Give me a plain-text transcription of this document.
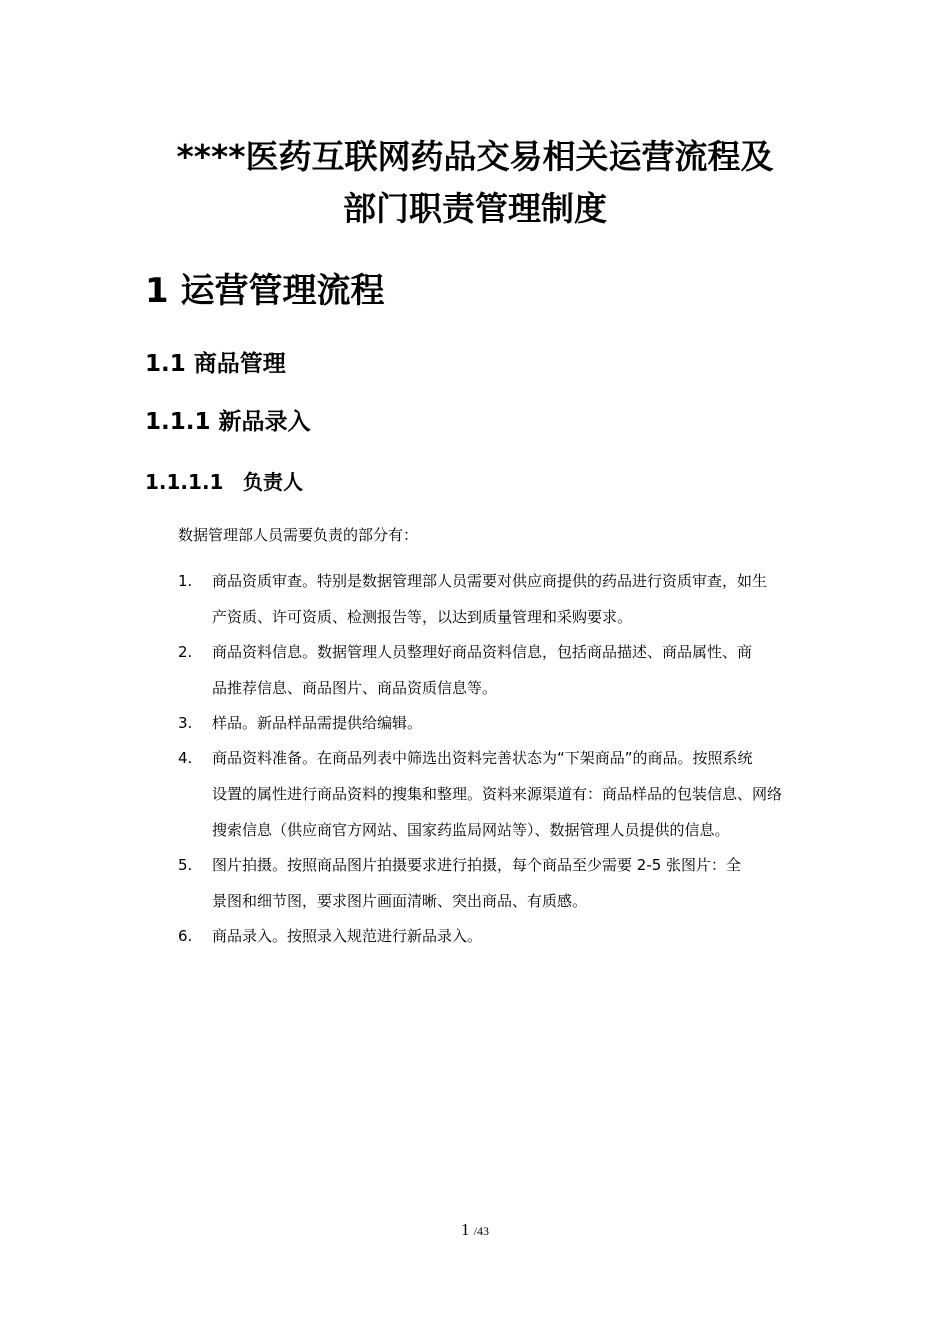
****医药互联网药品交易相关运营流程及
部门职责管理制度
1 运营管理流程
1.1 商品管理
1.1.1 新品录入
1.1.1.1 负责人

数据管理部人员需要负责的部分有：

1. 商品资质审查。特别是数据管理部人员需要对供应商提供的药品进行资质审查，如生
产资质、许可资质、检测报告等，以达到质量管理和采购要求。
2. 商品资料信息。数据管理人员整理好商品资料信息，包括商品描述、商品属性、商
品推荐信息、商品图片、商品资质信息等。
3. 样品。新品样品需提供给编辑。
4. 商品资料准备。在商品列表中筛选出资料完善状态为“下架商品”的商品。按照系统
设置的属性进行商品资料的搜集和整理。资料来源渠道有：商品样品的包装信息、网络
搜索信息（供应商官方网站、国家药监局网站等）、数据管理人员提供的信息。
5. 图片拍摄。按照商品图片拍摄要求进行拍摄，每个商品至少需要 2-5 张图片：全
景图和细节图，要求图片画面清晰、突出商品、有质感。
6. 商品录入。按照录入规范进行新品录入。
1 /43
